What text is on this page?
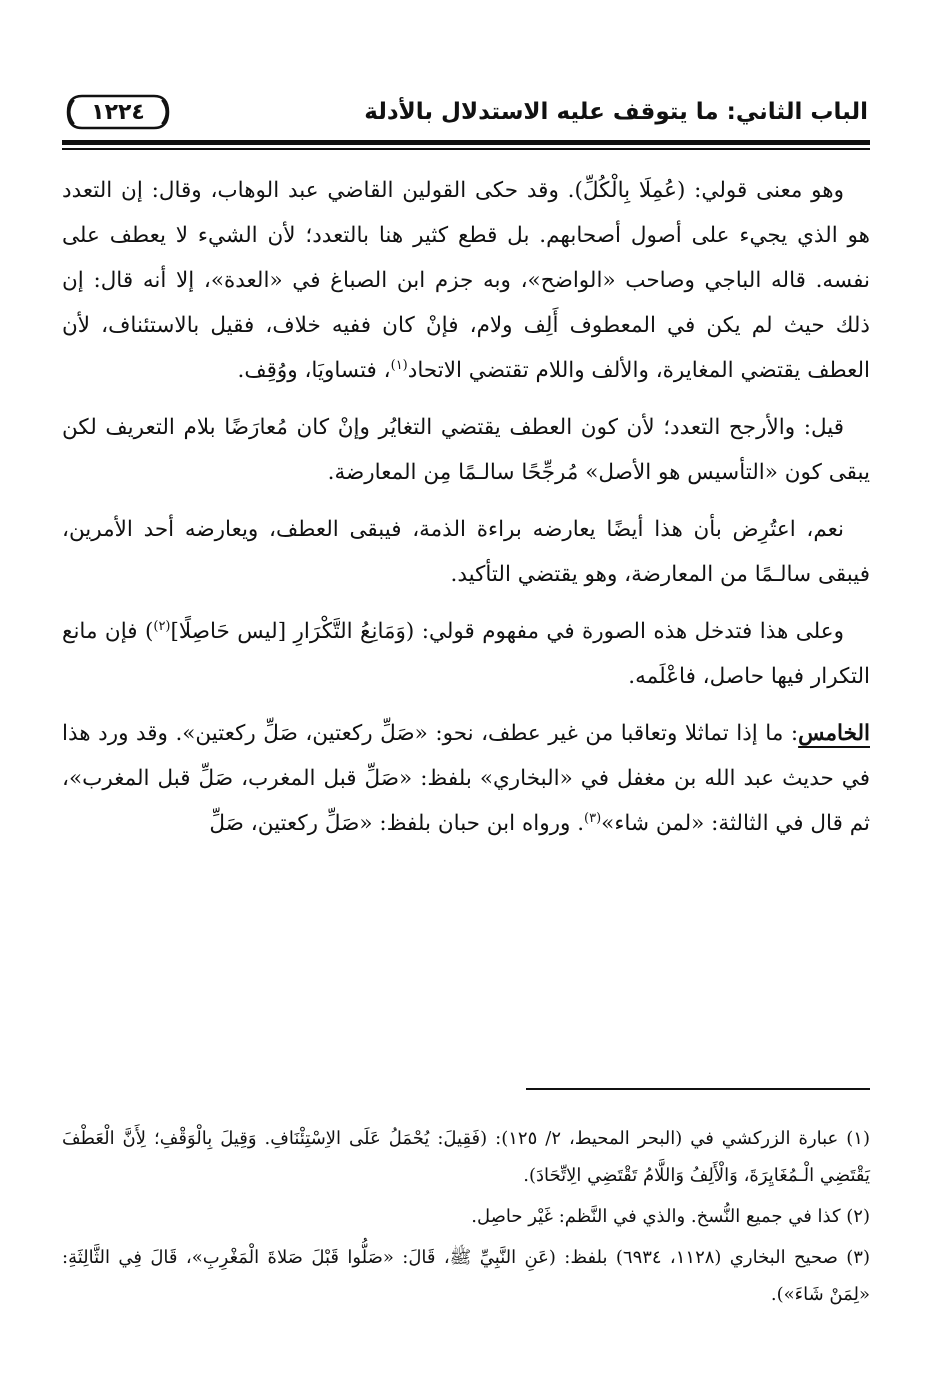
الباب الثاني: ما يتوقف عليه الاستدلال بالأدلة
١٢٢٤

وهو معنى قولي: (عُمِلَا بِالْكُلِّ). وقد حكى القولين القاضي عبد الوهاب، وقال: إن التعدد هو الذي يجيء على أصول أصحابهم. بل قطع كثير هنا بالتعدد؛ لأن الشيء لا يعطف على نفسه. قاله الباجي وصاحب «الواضح»، وبه جزم ابن الصباغ في «العدة»، إلا أنه قال: إن ذلك حيث لم يكن في المعطوف أَلِف ولام، فإنْ كان ففيه خلاف، فقيل بالاستئناف، لأن العطف يقتضي المغايرة، والألف واللام تقتضي الاتحاد$^{(١)}$، فتساويَا، ووُقِف.

قيل: والأرجح التعدد؛ لأن كون العطف يقتضي التغايُر وإنْ كان مُعارَضًا بلام التعريف لكن يبقى كون «التأسيس هو الأصل» مُرجِّحًا سالـمًا مِن المعارضة.

نعم، اعتُرِض بأن هذا أيضًا يعارضه براءة الذمة، فيبقى العطف، ويعارضه أحد الأمرين، فيبقى سالـمًا من المعارضة، وهو يقتضي التأكيد.

وعلى هذا فتدخل هذه الصورة في مفهوم قولي: (وَمَانِعُ التَّكْرَارِ [ليس حَاصِلًا]$^{(٢)}$) فإن مانع التكرار فيها حاصل، فاعْلَمه.

الخامس: ما إذا تماثلا وتعاقبا من غير عطف، نحو: «صَلِّ ركعتين، صَلِّ ركعتين». وقد ورد هذا في حديث عبد الله بن مغفل في «البخاري» بلفظ: «صَلِّ قبل المغرب، صَلِّ قبل المغرب»، ثم قال في الثالثة: «لمن شاء»$^{(٣)}$. ورواه ابن حبان بلفظ: «صَلِّ ركعتين، صَلِّ

(١) عبارة الزركشي في (البحر المحيط، ٢/ ١٢٥): (فَقِيلَ: يُحْمَلُ عَلَى الاِسْتِئْنَافِ. وَقِيلَ بِالْوَقْفِ؛ لِأَنَّ الْعَطْفَ يَقْتَضِي الْـمُغَايِرَةَ، وَالْأَلِفُ وَاللَّامُ تَقْتَضِي الِاتِّحَادَ).

(٢) كذا في جميع النُّسخ. والذي في النَّظم: غَيْر حاصِل.

(٣) صحيح البخاري (١١٢٨، ٦٩٣٤) بلفظ: (عَنِ النَّبِيِّ ﷺ، قَالَ: «صَلُّوا قَبْلَ صَلاةَ الْمَغْرِبِ»، قَالَ فِي الثَّالِثَةِ: «لِمَنْ شَاءَ»).
